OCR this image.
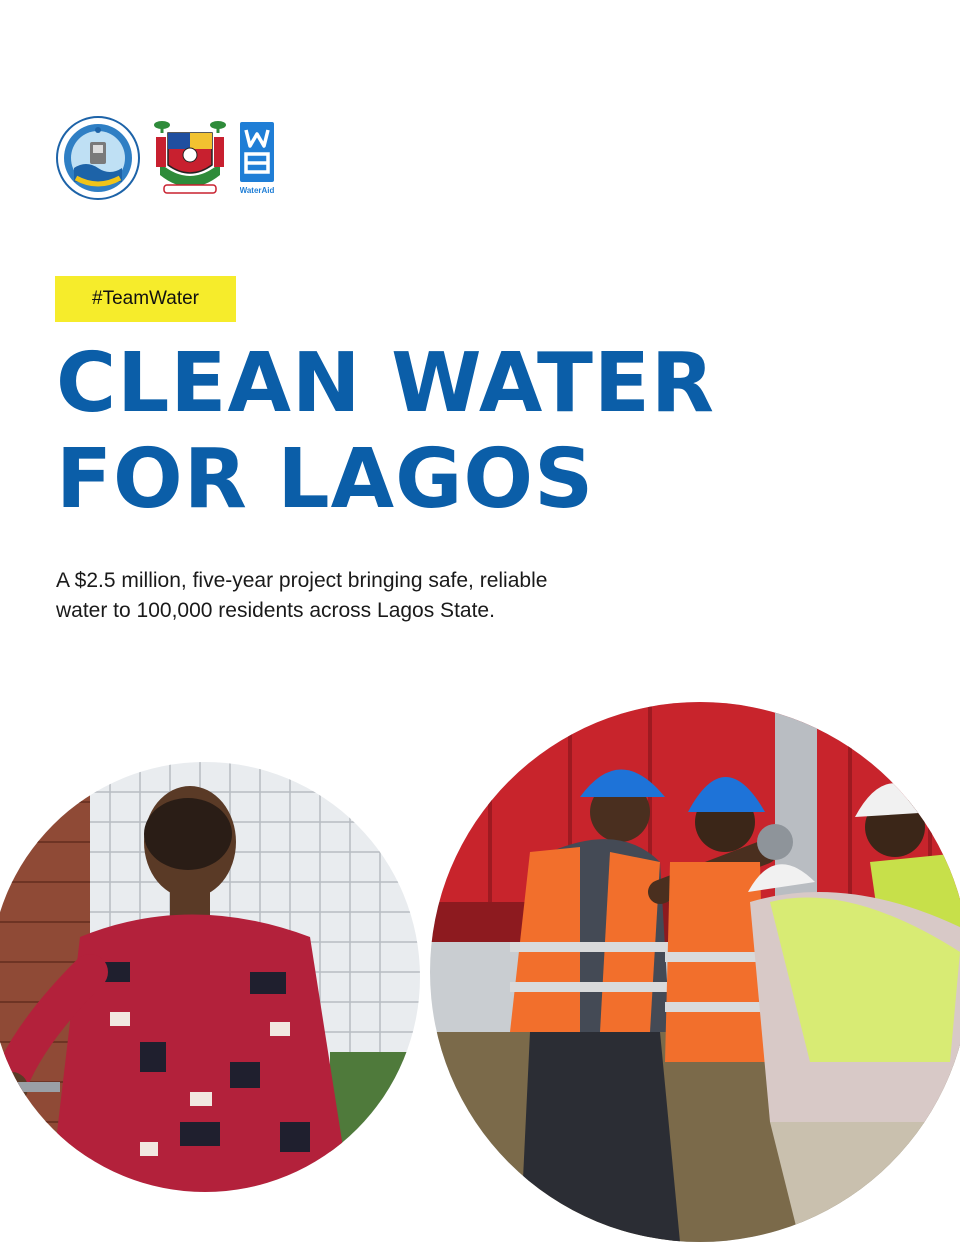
WaterAid
#TeamWater
CLEAN WATER
FOR LAGOS

A $2.5 million, five-year project bringing safe, reliable
water to 100,000 residents across Lagos State.
